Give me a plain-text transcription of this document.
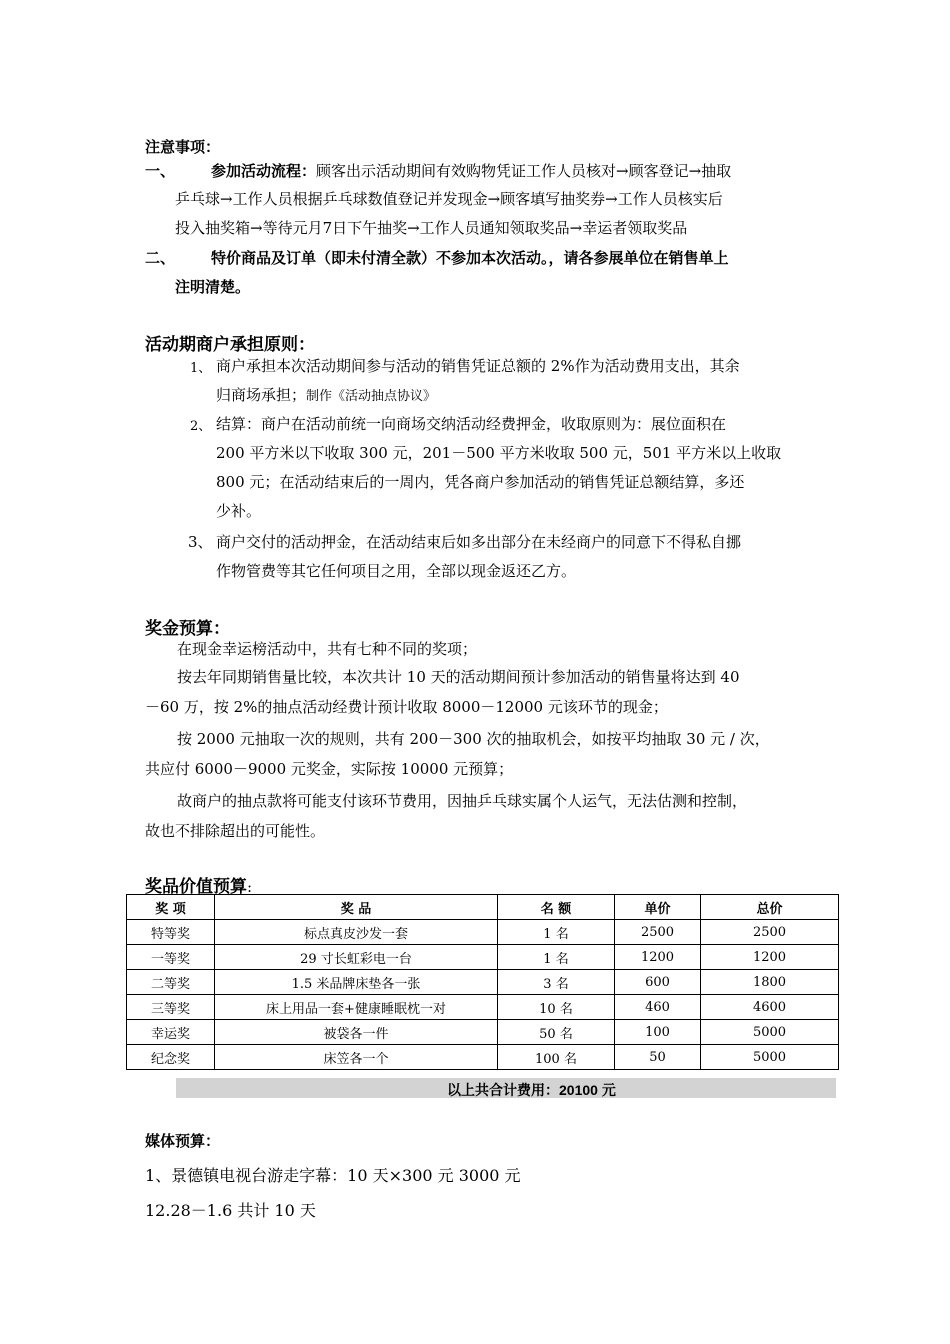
注意事项：
一、 参加活动流程：顾客出示活动期间有效购物凭证工作人员核对→顾客登记→抽取
乒乓球→工作人员根据乒乓球数值登记并发现金→顾客填写抽奖券→工作人员核实后
投入抽奖箱→等待元月7日下午抽奖→工作人员通知领取奖品→幸运者领取奖品
二、 特价商品及订单（即未付清全款）不参加本次活动。，请各参展单位在销售单上
注明清楚。
活动期商户承担原则：
1、 商户承担本次活动期间参与活动的销售凭证总额的 2%作为活动费用支出，其余
归商场承担；制作《活动抽点协议》
2、 结算：商户在活动前统一向商场交纳活动经费押金，收取原则为：展位面积在
200 平方米以下收取 300 元，201－500 平方米收取 500 元，501 平方米以上收取
800 元；在活动结束后的一周内，凭各商户参加活动的销售凭证总额结算，多还
少补。
3、 商户交付的活动押金，在活动结束后如多出部分在未经商户的同意下不得私自挪
作物管费等其它任何项目之用，全部以现金返还乙方。
奖金预算：
在现金幸运榜活动中，共有七种不同的奖项；
按去年同期销售量比较，本次共计 10 天的活动期间预计参加活动的销售量将达到 40
－60 万，按 2%的抽点活动经费计预计收取 8000－12000 元该环节的现金；
按 2000 元抽取一次的规则，共有 200－300 次的抽取机会，如按平均抽取 30 元 / 次，
共应付 6000－9000 元奖金，实际按 10000 元预算；
故商户的抽点款将可能支付该环节费用，因抽乒乓球实属个人运气，无法估测和控制，
故也不排除超出的可能性。
奖品价值预算:
奖 项	奖 品	名 额	单价	总价
特等奖	标点真皮沙发一套	1 名	2500	2500
一等奖	29 寸长虹彩电一台	1 名	1200	1200
二等奖	1.5 米品牌床垫各一张	3 名	600	1800
三等奖	床上用品一套+健康睡眠枕一对	10 名	460	4600
幸运奖	被袋各一件	50 名	100	5000
纪念奖	床笠各一个	100 名	50	5000
以上共合计费用：20100 元
媒体预算：
1、景德镇电视台游走字幕：10 天×300 元 3000 元
12.28－1.6 共计 10 天
